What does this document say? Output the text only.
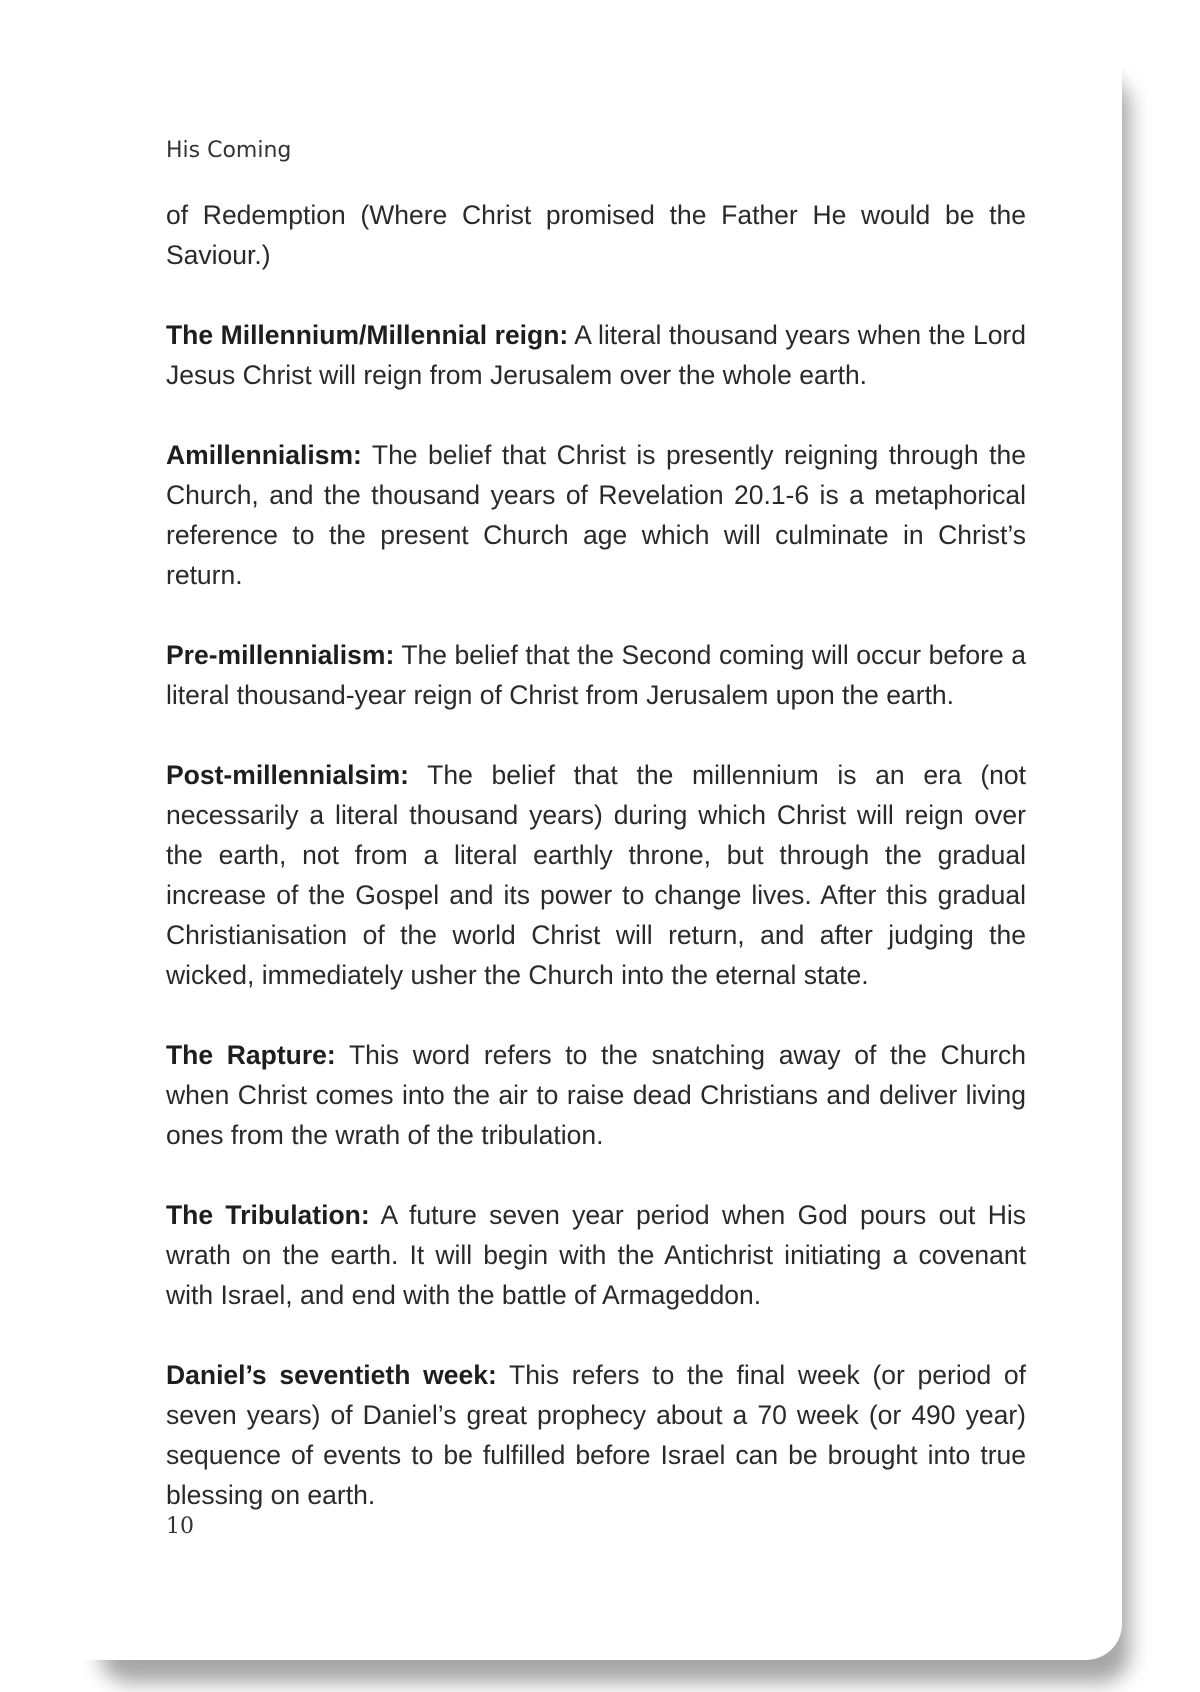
His Coming

of Redemption (Where Christ promised the Father He would be the Saviour.)

The Millennium/Millennial reign: A literal thousand years when the Lord Jesus Christ will reign from Jerusalem over the whole earth.

Amillennialism: The belief that Christ is presently reigning through the Church, and the thousand years of Revelation 20.1-6 is a metaphorical reference to the present Church age which will culminate in Christ’s return.

Pre-millennialism: The belief that the Second coming will occur before a literal thousand-year reign of Christ from Jerusalem upon the earth.

Post-millennialsim: The belief that the millennium is an era (not necessarily a literal thousand years) during which Christ will reign over the earth, not from a literal earthly throne, but through the gradual increase of the Gospel and its power to change lives. After this gradual Christianisation of the world Christ will return, and after judging the wicked, immediately usher the Church into the eternal state.

The Rapture: This word refers to the snatching away of the Church when Christ comes into the air to raise dead Christians and deliver living ones from the wrath of the tribulation.

The Tribulation: A future seven year period when God pours out His wrath on the earth. It will begin with the Antichrist initiating a covenant with Israel, and end with the battle of Armageddon.

Daniel’s seventieth week: This refers to the final week (or period of seven years) of Daniel’s great prophecy about a 70 week (or 490 year) sequence of events to be fulfilled before Israel can be brought into true blessing on earth.

10
